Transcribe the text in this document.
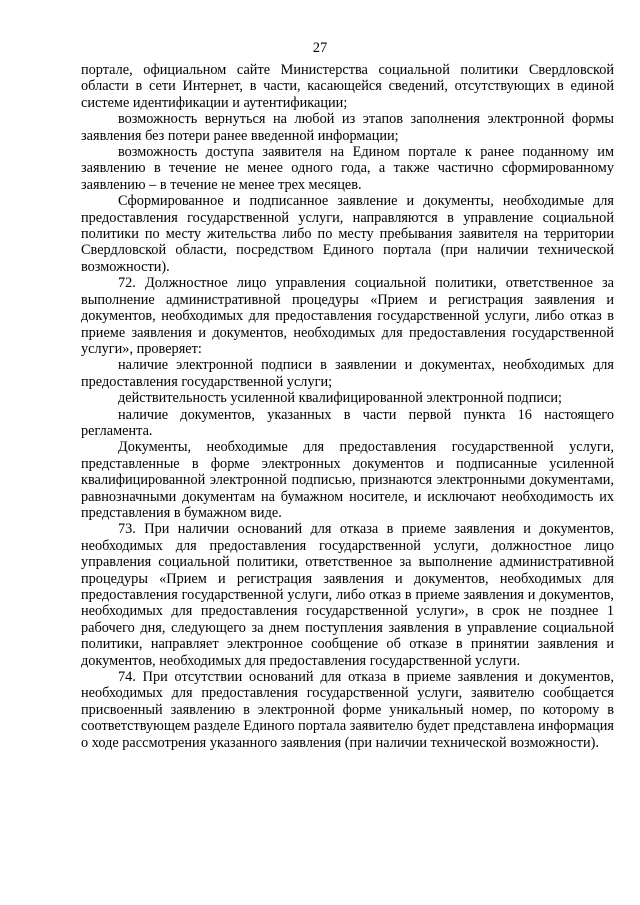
27

портале, официальном сайте Министерства социальной политики Свердловской области в сети Интернет, в части, касающейся сведений, отсутствующих в единой системе идентификации и аутентификации;

возможность вернуться на любой из этапов заполнения электронной формы заявления без потери ранее введенной информации;

возможность доступа заявителя на Едином портале к ранее поданному им заявлению в течение не менее одного года, а также частично сформированному заявлению – в течение не менее трех месяцев.

Сформированное и подписанное заявление и документы, необходимые для предоставления государственной услуги, направляются в управление социальной политики по месту жительства либо по месту пребывания заявителя на территории Свердловской области, посредством Единого портала (при наличии технической возможности).

72. Должностное лицо управления социальной политики, ответственное за выполнение административной процедуры «Прием и регистрация заявления и документов, необходимых для предоставления государственной услуги, либо отказ в приеме заявления и документов, необходимых для предоставления государственной услуги», проверяет:

наличие электронной подписи в заявлении и документах, необходимых для предоставления государственной услуги;

действительность усиленной квалифицированной электронной подписи;

наличие документов, указанных в части первой пункта 16 настоящего регламента.

Документы, необходимые для предоставления государственной услуги, представленные в форме электронных документов и подписанные усиленной квалифицированной электронной подписью, признаются электронными документами, равнозначными документам на бумажном носителе, и исключают необходимость их представления в бумажном виде.

73. При наличии оснований для отказа в приеме заявления и документов, необходимых для предоставления государственной услуги, должностное лицо управления социальной политики, ответственное за выполнение административной процедуры «Прием и регистрация заявления и документов, необходимых для предоставления государственной услуги, либо отказ в приеме заявления и документов, необходимых для предоставления государственной услуги», в срок не позднее 1 рабочего дня, следующего за днем поступления заявления в управление социальной политики, направляет электронное сообщение об отказе в принятии заявления и документов, необходимых для предоставления государственной услуги.

74. При отсутствии оснований для отказа в приеме заявления и документов, необходимых для предоставления государственной услуги, заявителю сообщается присвоенный заявлению в электронной форме уникальный номер, по которому в соответствующем разделе Единого портала заявителю будет представлена информация о ходе рассмотрения указанного заявления (при наличии технической возможности).
